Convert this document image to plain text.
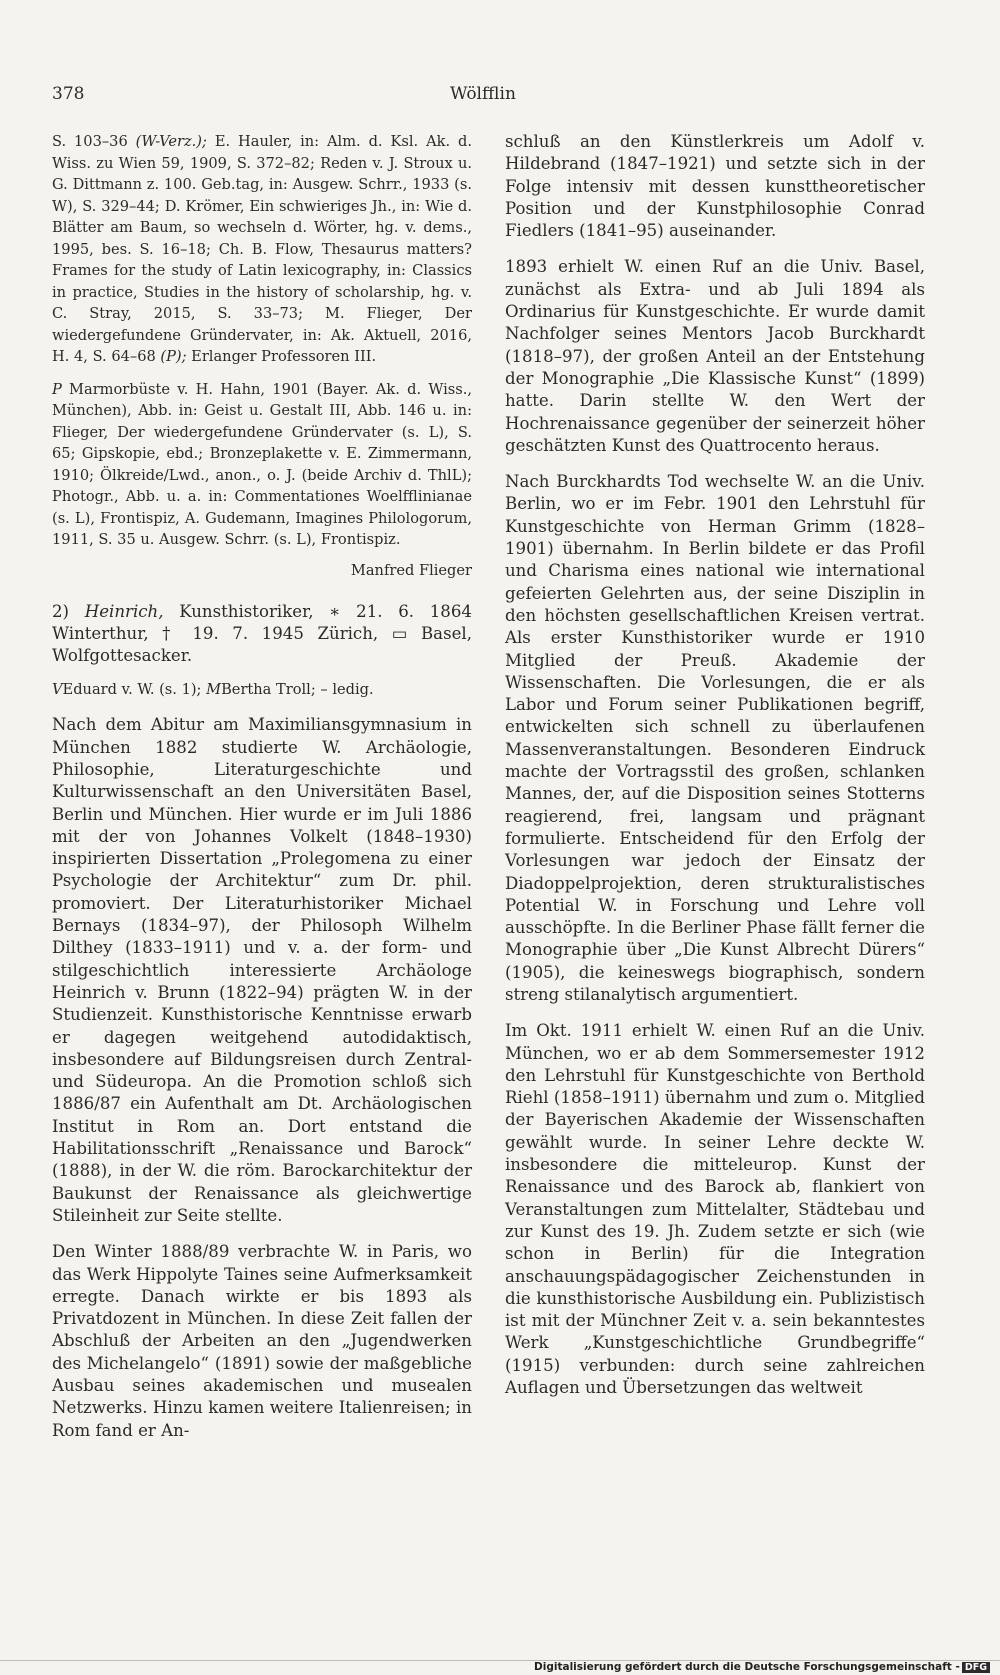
378	Wölfflin

S. 103–36 (W-Verz.); E. Hauler, in: Alm. d. Ksl. Ak. d. Wiss. zu Wien 59, 1909, S. 372–82; Reden v. J. Stroux u. G. Dittmann z. 100. Geb.tag, in: Ausgew. Schrr., 1933 (s. W), S. 329–44; D. Krömer, Ein schwieriges Jh., in: Wie d. Blätter am Baum, so wechseln d. Wörter, hg. v. dems., 1995, bes. S. 16–18; Ch. B. Flow, Thesaurus matters? Frames for the study of Latin lexicography, in: Classics in practice, Studies in the history of scholarship, hg. v. C. Stray, 2015, S. 33–73; M. Flieger, Der wiedergefundene Gründervater, in: Ak. Aktuell, 2016, H. 4, S. 64–68 (P); Erlanger Professoren III.

P Marmorbüste v. H. Hahn, 1901 (Bayer. Ak. d. Wiss., München), Abb. in: Geist u. Gestalt III, Abb. 146 u. in: Flieger, Der wiedergefundene Gründervater (s. L), S. 65; Gipskopie, ebd.; Bronzeplakette v. E. Zimmermann, 1910; Ölkreide/Lwd., anon., o. J. (beide Archiv d. ThlL); Photogr., Abb. u. a. in: Commentationes Woelfflinianae (s. L), Frontispiz, A. Gudemann, Imagines Philologorum, 1911, S. 35 u. Ausgew. Schrr. (s. L), Frontispiz.

Manfred Flieger
2) Heinrich, Kunsthistoriker, ∗ 21. 6. 1864 Winterthur, † 19. 7. 1945 Zürich, ▭ Basel, Wolfgottesacker.
VEduard v. W. (s. 1); MBertha Troll; – ledig.

Nach dem Abitur am Maximiliansgymnasium in München 1882 studierte W. Archäologie, Philosophie, Literaturgeschichte und Kulturwissenschaft an den Universitäten Basel, Berlin und München. Hier wurde er im Juli 1886 mit der von Johannes Volkelt (1848–1930) inspirierten Dissertation „Prolegomena zu einer Psychologie der Architektur“ zum Dr. phil. promoviert. Der Literaturhistoriker Michael Bernays (1834–97), der Philosoph Wilhelm Dilthey (1833–1911) und v. a. der form- und stilgeschichtlich interessierte Archäologe Heinrich v. Brunn (1822–94) prägten W. in der Studienzeit. Kunsthistorische Kenntnisse erwarb er dagegen weitgehend autodidaktisch, insbesondere auf Bildungsreisen durch Zentral- und Südeuropa. An die Promotion schloß sich 1886/87 ein Aufenthalt am Dt. Archäologischen Institut in Rom an. Dort entstand die Habilitationsschrift „Renaissance und Barock“ (1888), in der W. die röm. Barockarchitektur der Baukunst der Renaissance als gleichwertige Stileinheit zur Seite stellte.

Den Winter 1888/89 verbrachte W. in Paris, wo das Werk Hippolyte Taines seine Aufmerksamkeit erregte. Danach wirkte er bis 1893 als Privatdozent in München. In diese Zeit fallen der Abschluß der Arbeiten an den „Jugendwerken des Michelangelo“ (1891) sowie der maßgebliche Ausbau seines akademischen und musealen Netzwerks. Hinzu kamen weitere Italienreisen; in Rom fand er An-

schluß an den Künstlerkreis um Adolf v. Hildebrand (1847–1921) und setzte sich in der Folge intensiv mit dessen kunsttheoretischer Position und der Kunstphilosophie Conrad Fiedlers (1841–95) auseinander.

1893 erhielt W. einen Ruf an die Univ. Basel, zunächst als Extra- und ab Juli 1894 als Ordinarius für Kunstgeschichte. Er wurde damit Nachfolger seines Mentors Jacob Burckhardt (1818–97), der großen Anteil an der Entstehung der Monographie „Die Klassische Kunst“ (1899) hatte. Darin stellte W. den Wert der Hochrenaissance gegenüber der seinerzeit höher geschätzten Kunst des Quattrocento heraus.

Nach Burckhardts Tod wechselte W. an die Univ. Berlin, wo er im Febr. 1901 den Lehrstuhl für Kunstgeschichte von Herman Grimm (1828–1901) übernahm. In Berlin bildete er das Profil und Charisma eines national wie international gefeierten Gelehrten aus, der seine Disziplin in den höchsten gesellschaftlichen Kreisen vertrat. Als erster Kunsthistoriker wurde er 1910 Mitglied der Preuß. Akademie der Wissenschaften. Die Vorlesungen, die er als Labor und Forum seiner Publikationen begriff, entwickelten sich schnell zu überlaufenen Massenveranstaltungen. Besonderen Eindruck machte der Vortragsstil des großen, schlanken Mannes, der, auf die Disposition seines Stotterns reagierend, frei, langsam und prägnant formulierte. Entscheidend für den Erfolg der Vorlesungen war jedoch der Einsatz der Diadoppelprojektion, deren strukturalistisches Potential W. in Forschung und Lehre voll ausschöpfte. In die Berliner Phase fällt ferner die Monographie über „Die Kunst Albrecht Dürers“ (1905), die keineswegs biographisch, sondern streng stilanalytisch argumentiert.

Im Okt. 1911 erhielt W. einen Ruf an die Univ. München, wo er ab dem Sommersemester 1912 den Lehrstuhl für Kunstgeschichte von Berthold Riehl (1858–1911) übernahm und zum o. Mitglied der Bayerischen Akademie der Wissenschaften gewählt wurde. In seiner Lehre deckte W. insbesondere die mitteleurop. Kunst der Renaissance und des Barock ab, flankiert von Veranstaltungen zum Mittelalter, Städtebau und zur Kunst des 19. Jh. Zudem setzte er sich (wie schon in Berlin) für die Integration anschauungspädagogischer Zeichenstunden in die kunsthistorische Ausbildung ein. Publizistisch ist mit der Münchner Zeit v. a. sein bekanntestes Werk „Kunstgeschichtliche Grundbegriffe“ (1915) verbunden: durch seine zahlreichen Auflagen und Übersetzungen das weltweit

Digitalisierung gefördert durch die Deutsche Forschungsgemeinschaft - DFG
